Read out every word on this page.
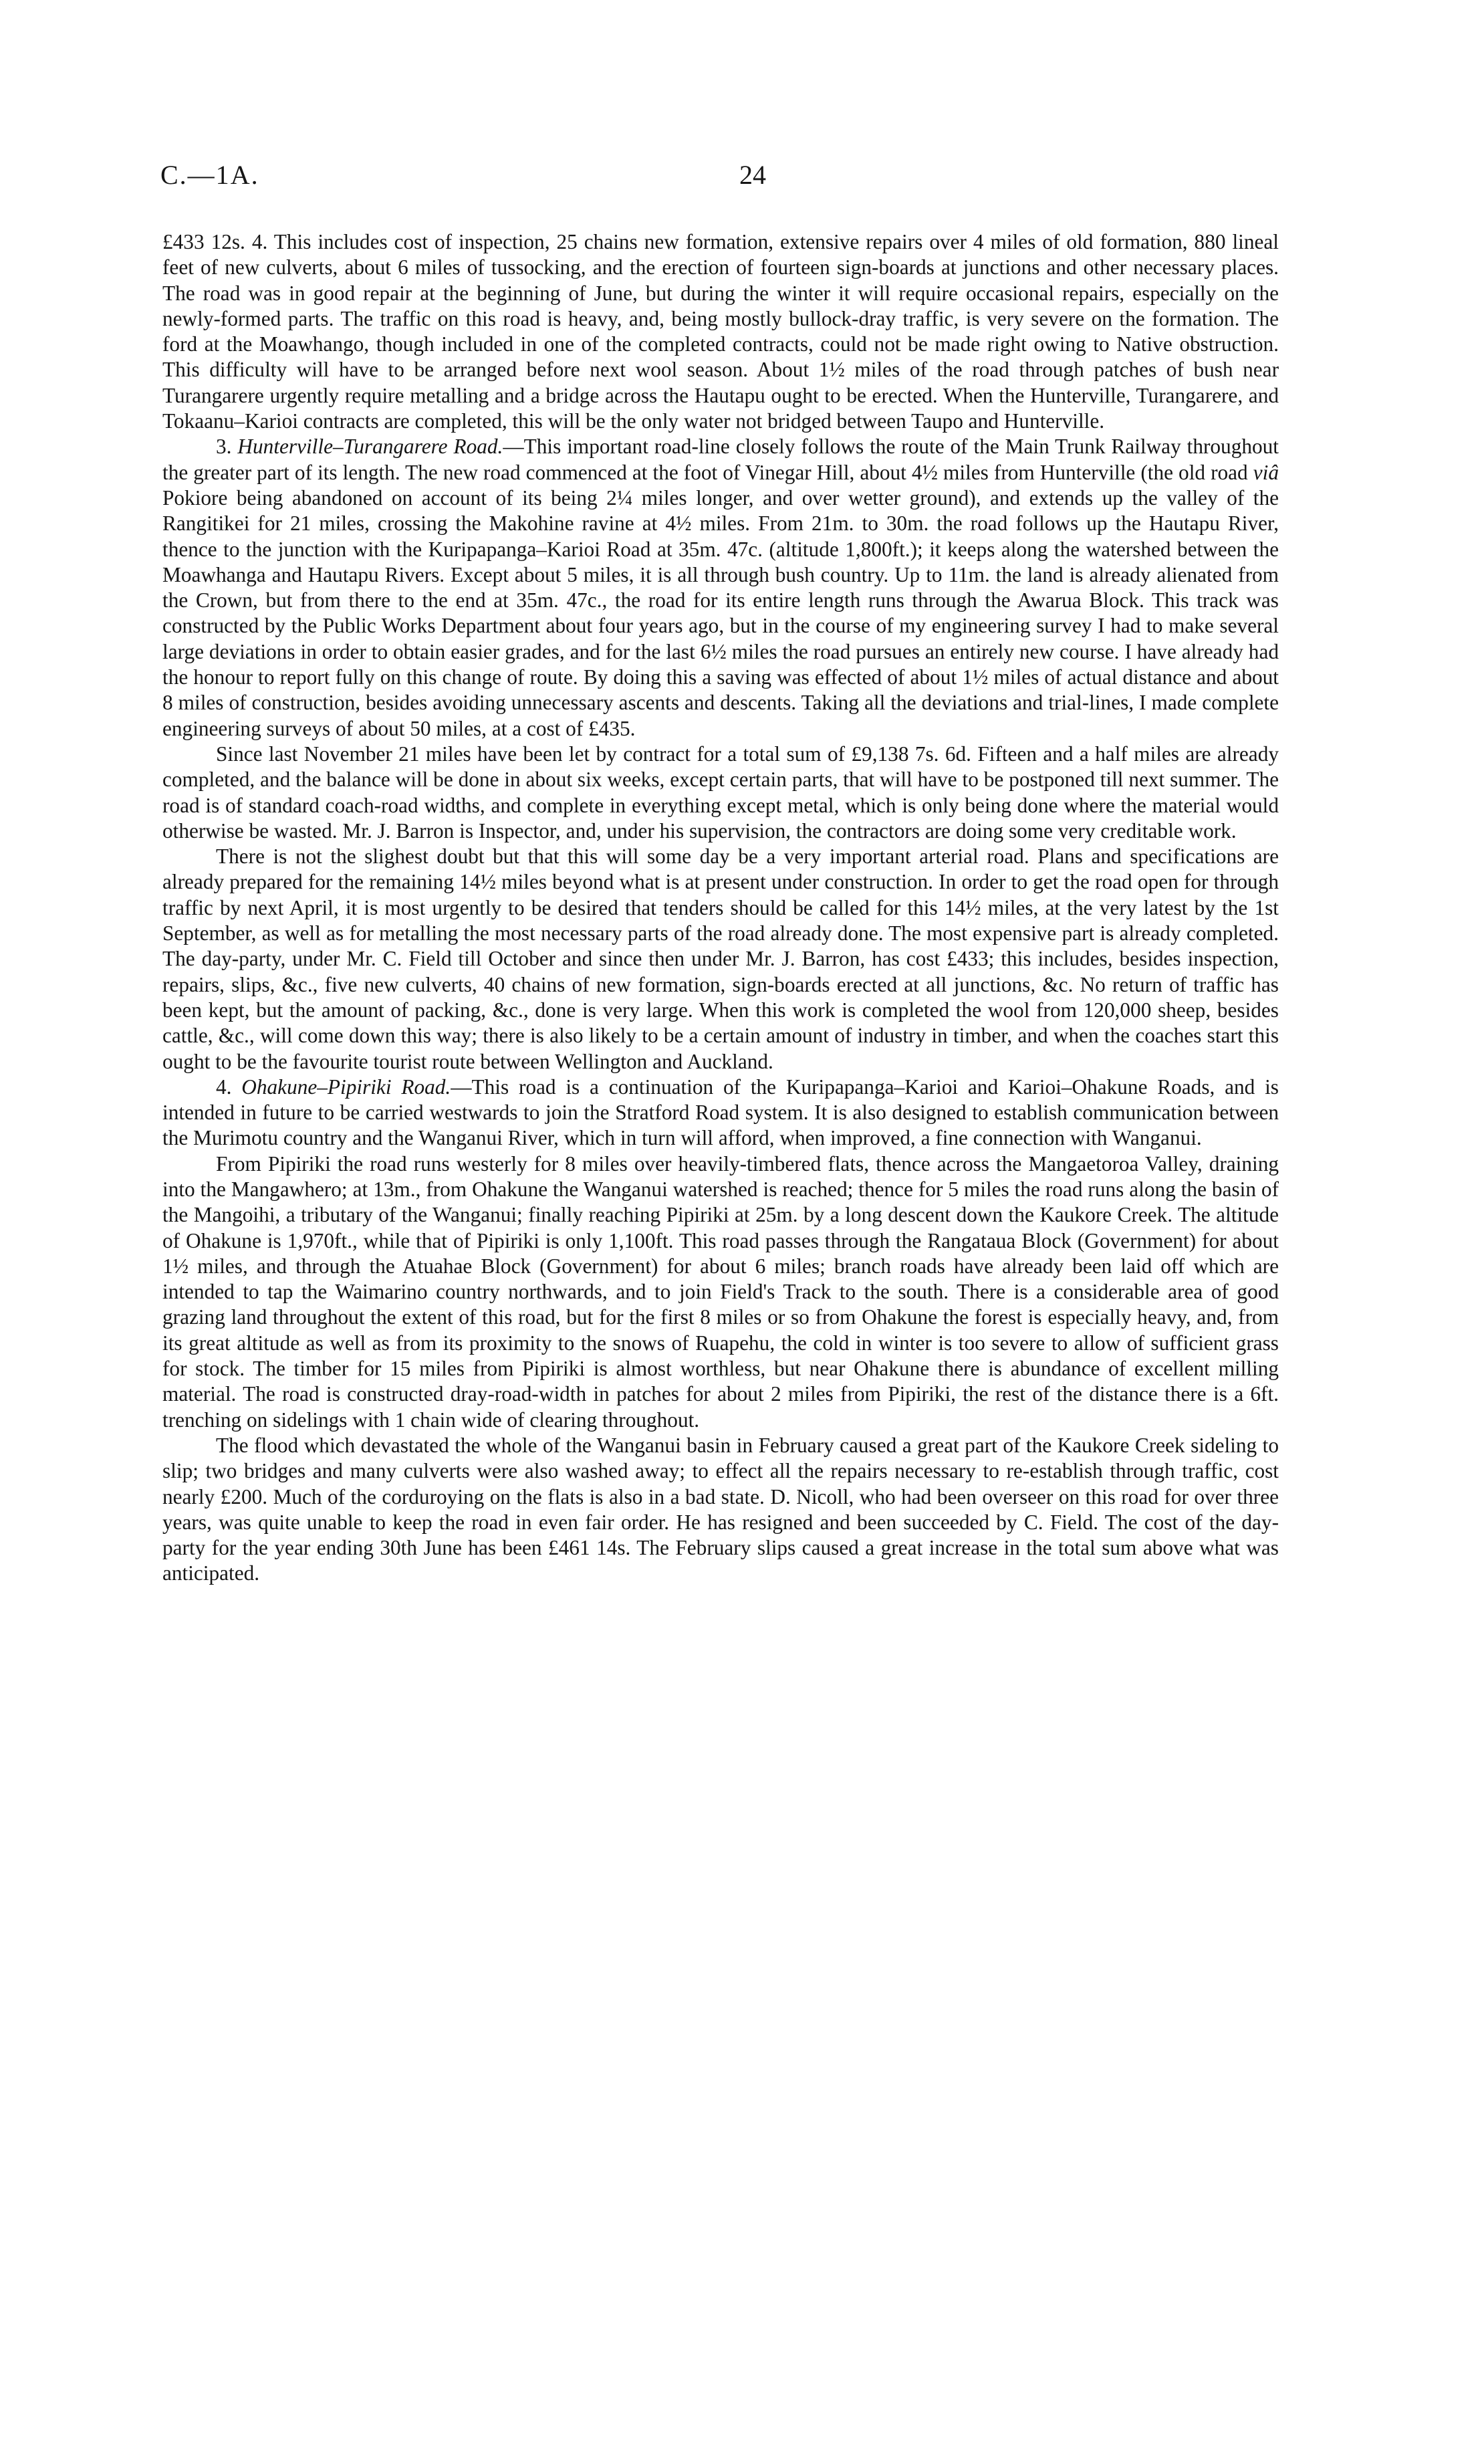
C.—1A.	24

£433 12s. 4. This includes cost of inspection, 25 chains new formation, extensive repairs over 4 miles of old formation, 880 lineal feet of new culverts, about 6 miles of tussocking, and the erection of fourteen sign-boards at junctions and other necessary places. The road was in good repair at the beginning of June, but during the winter it will require occasional repairs, especially on the newly-formed parts. The traffic on this road is heavy, and, being mostly bullock-dray traffic, is very severe on the formation. The ford at the Moawhango, though included in one of the completed contracts, could not be made right owing to Native obstruction. This difficulty will have to be arranged before next wool season. About 1½ miles of the road through patches of bush near Turangarere urgently require metalling and a bridge across the Hautapu ought to be erected. When the Hunterville, Turangarere, and Tokaanu–Karioi contracts are completed, this will be the only water not bridged between Taupo and Hunterville.

3. Hunterville–Turangarere Road.—This important road-line closely follows the route of the Main Trunk Railway throughout the greater part of its length. The new road commenced at the foot of Vinegar Hill, about 4½ miles from Hunterville (the old road viâ Pokiore being abandoned on account of its being 2¼ miles longer, and over wetter ground), and extends up the valley of the Rangitikei for 21 miles, crossing the Makohine ravine at 4½ miles. From 21m. to 30m. the road follows up the Hautapu River, thence to the junction with the Kuripapanga–Karioi Road at 35m. 47c. (altitude 1,800ft.); it keeps along the watershed between the Moawhanga and Hautapu Rivers. Except about 5 miles, it is all through bush country. Up to 11m. the land is already alienated from the Crown, but from there to the end at 35m. 47c., the road for its entire length runs through the Awarua Block. This track was constructed by the Public Works Department about four years ago, but in the course of my engineering survey I had to make several large deviations in order to obtain easier grades, and for the last 6½ miles the road pursues an entirely new course. I have already had the honour to report fully on this change of route. By doing this a saving was effected of about 1½ miles of actual distance and about 8 miles of construction, besides avoiding unnecessary ascents and descents. Taking all the deviations and trial-lines, I made complete engineering surveys of about 50 miles, at a cost of £435.

Since last November 21 miles have been let by contract for a total sum of £9,138 7s. 6d. Fifteen and a half miles are already completed, and the balance will be done in about six weeks, except certain parts, that will have to be postponed till next summer. The road is of standard coach-road widths, and complete in everything except metal, which is only being done where the material would otherwise be wasted. Mr. J. Barron is Inspector, and, under his supervision, the contractors are doing some very creditable work.

There is not the slighest doubt but that this will some day be a very important arterial road. Plans and specifications are already prepared for the remaining 14½ miles beyond what is at present under construction. In order to get the road open for through traffic by next April, it is most urgently to be desired that tenders should be called for this 14½ miles, at the very latest by the 1st September, as well as for metalling the most necessary parts of the road already done. The most expensive part is already completed. The day-party, under Mr. C. Field till October and since then under Mr. J. Barron, has cost £433; this includes, besides inspection, repairs, slips, &c., five new culverts, 40 chains of new formation, sign-boards erected at all junctions, &c. No return of traffic has been kept, but the amount of packing, &c., done is very large. When this work is completed the wool from 120,000 sheep, besides cattle, &c., will come down this way; there is also likely to be a certain amount of industry in timber, and when the coaches start this ought to be the favourite tourist route between Wellington and Auckland.

4. Ohakune–Pipiriki Road.—This road is a continuation of the Kuripapanga–Karioi and Karioi–Ohakune Roads, and is intended in future to be carried westwards to join the Stratford Road system. It is also designed to establish communication between the Murimotu country and the Wanganui River, which in turn will afford, when improved, a fine connection with Wanganui.

From Pipiriki the road runs westerly for 8 miles over heavily-timbered flats, thence across the Mangaetoroa Valley, draining into the Mangawhero; at 13m., from Ohakune the Wanganui watershed is reached; thence for 5 miles the road runs along the basin of the Mangoihi, a tributary of the Wanganui; finally reaching Pipiriki at 25m. by a long descent down the Kaukore Creek. The altitude of Ohakune is 1,970ft., while that of Pipiriki is only 1,100ft. This road passes through the Rangataua Block (Government) for about 1½ miles, and through the Atuahae Block (Government) for about 6 miles; branch roads have already been laid off which are intended to tap the Waimarino country northwards, and to join Field's Track to the south. There is a considerable area of good grazing land throughout the extent of this road, but for the first 8 miles or so from Ohakune the forest is especially heavy, and, from its great altitude as well as from its proximity to the snows of Ruapehu, the cold in winter is too severe to allow of sufficient grass for stock. The timber for 15 miles from Pipiriki is almost worthless, but near Ohakune there is abundance of excellent milling material. The road is constructed dray-road-width in patches for about 2 miles from Pipiriki, the rest of the distance there is a 6ft. trenching on sidelings with 1 chain wide of clearing throughout.

The flood which devastated the whole of the Wanganui basin in February caused a great part of the Kaukore Creek sideling to slip; two bridges and many culverts were also washed away; to effect all the repairs necessary to re-establish through traffic, cost nearly £200. Much of the corduroying on the flats is also in a bad state. D. Nicoll, who had been overseer on this road for over three years, was quite unable to keep the road in even fair order. He has resigned and been succeeded by C. Field. The cost of the day-party for the year ending 30th June has been £461 14s. The February slips caused a great increase in the total sum above what was anticipated.
